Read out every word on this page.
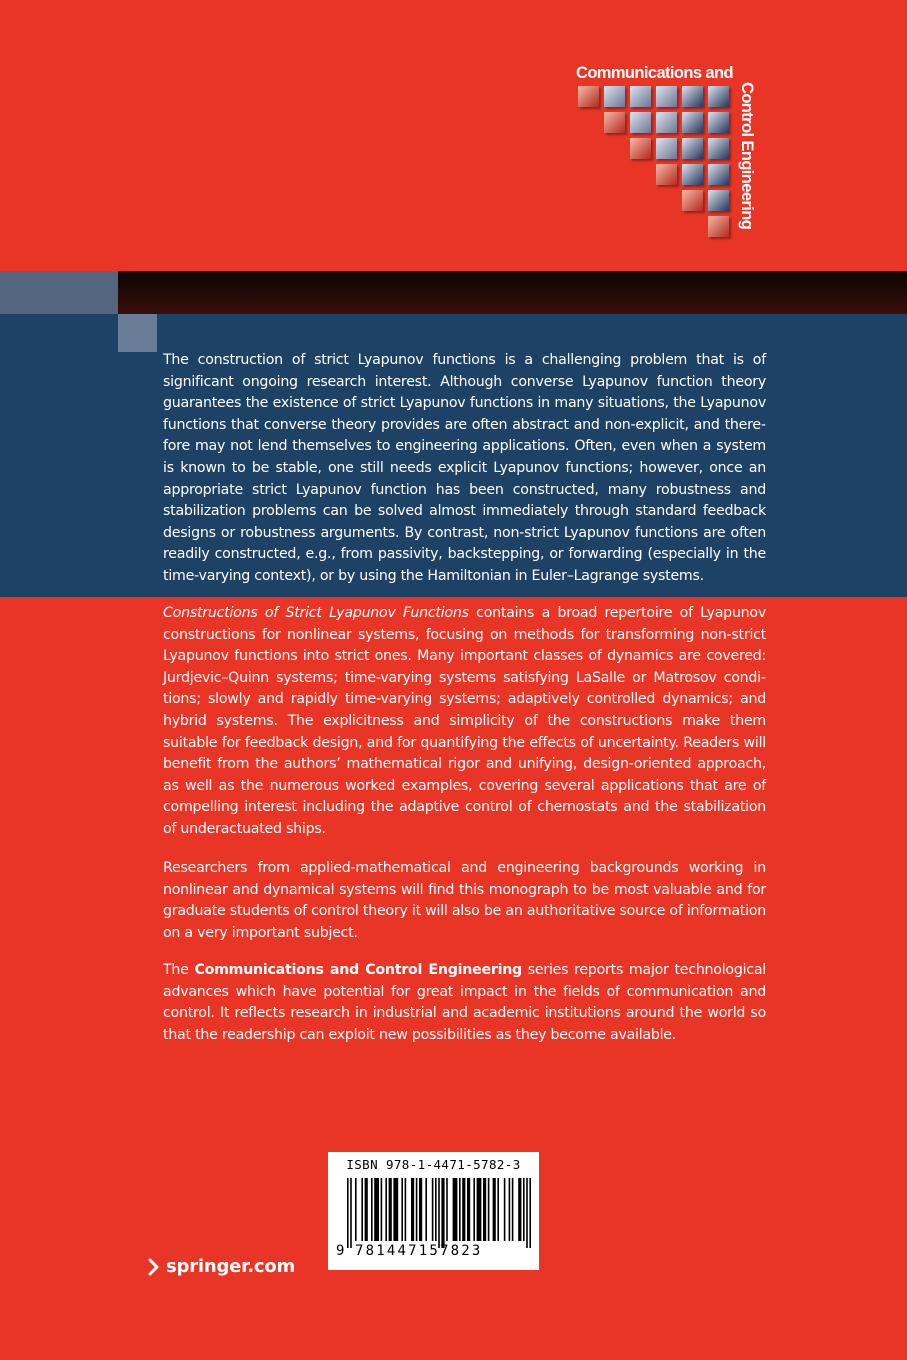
Communications and
Control Engineering

The construction of strict Lyapunov functions is a challenging problem that is of significant ongoing research interest. Although converse Lyapunov function theory guarantees the existence of strict Lyapunov functions in many situations, the Lyapunov functions that converse theory provides are often abstract and non-explicit, and therefore may not lend themselves to engineering applications. Often, even when a system is known to be stable, one still needs explicit Lyapunov functions; however, once an appropriate strict Lyapunov function has been constructed, many robustness and stabilization problems can be solved almost immediately through standard feedback designs or robustness arguments. By contrast, non-strict Lyapunov functions are often readily constructed, e.g., from passivity, backstepping, or forwarding (especially in the time-varying context), or by using the Hamiltonian in Euler–Lagrange systems.

Constructions of Strict Lyapunov Functions contains a broad repertoire of Lyapunov constructions for nonlinear systems, focusing on methods for transforming non-strict Lyapunov functions into strict ones. Many important classes of dynamics are covered: Jurdjevic–Quinn systems; time-varying systems satisfying LaSalle or Matrosov conditions; slowly and rapidly time-varying systems; adaptively controlled dynamics; and hybrid systems. The explicitness and simplicity of the constructions make them suitable for feedback design, and for quantifying the effects of uncertainty. Readers will benefit from the authors’ mathematical rigor and unifying, design-oriented approach, as well as the numerous worked examples, covering several applications that are of compelling interest including the adaptive control of chemostats and the stabilization of underactuated ships.

Researchers from applied-mathematical and engineering backgrounds working in nonlinear and dynamical systems will find this monograph to be most valuable and for graduate students of control theory it will also be an authoritative source of information on a very important subject.

The Communications and Control Engineering series reports major technological advances which have potential for great impact in the fields of communication and control. It reflects research in industrial and academic institutions around the world so that the readership can exploit new possibilities as they become available.

ISBN 978-1-4471-5782-3
9 781447157823
springer.com
